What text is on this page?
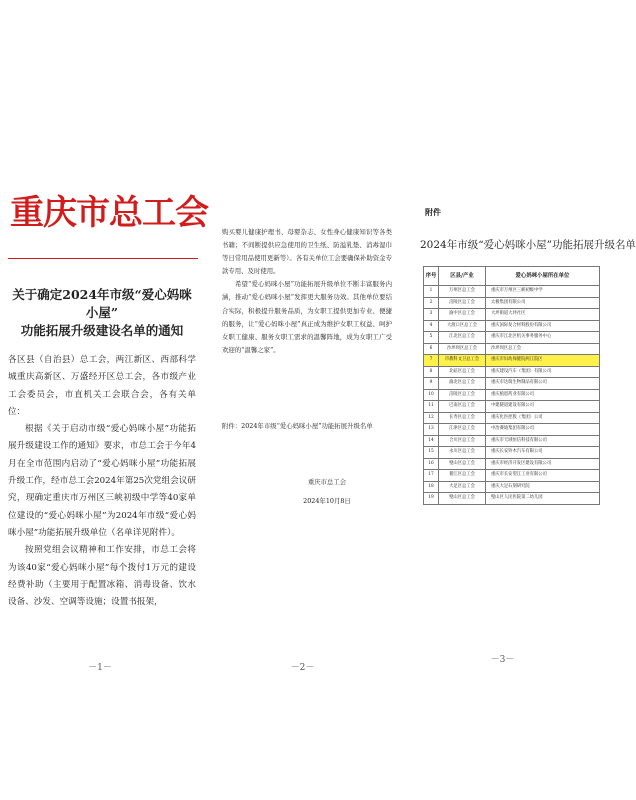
重庆市总工会
关于确定2024年市级“爱心妈咪小屋”
功能拓展升级建设名单的通知

各区县（自治县）总工会，两江新区、西部科学城重庆高新区、万盛经开区总工会，各市级产业工会委员会，市直机关工会联合会，各有关单位：

根据《关于启动市级“爱心妈咪小屋”功能拓展升级建设工作的通知》要求，市总工会于今年4月在全市范围内启动了“爱心妈咪小屋”功能拓展升级工作，经市总工会2024年第25次党组会议研究，现确定重庆市万州区三峡初级中学等40家单位建设的“爱心妈咪小屋”为2024年市级“爱心妈咪小屋”功能拓展升级单位（名单详见附件）。

按照党组会议精神和工作安排，市总工会将为该40家“爱心妈咪小屋”每个拨付1万元的建设经费补助（主要用于配置冰箱、消毒设备、饮水设备、沙发、空调等设施；设置书报架，

－1－

购买婴儿健康护理书、母婴杂志、女性身心健康知识等各类书籍；不间断提供应急使用的卫生纸、防溢乳垫、消毒湿巾等日常用品使用更新等）。各有关单位工会要确保补助资金专款专用、及时使用。

希望“爱心妈咪小屋”功能拓展升级单位不断丰富服务内涵，推动“爱心妈咪小屋”发挥更大服务功效。其他单位要结合实际，积极提升服务品质，为女职工提供更加专业、便捷的服务，让“爱心妈咪小屋”真正成为维护女职工权益、呵护女职工健康、服务女职工需求的温馨阵地，成为女职工广受欢迎的“温馨之家”。

附件：2024年市级“爱心妈咪小屋”功能拓展升级名单
重庆市总工会
2024年10月8日
－2－
附件
2024年市级“爱心妈咪小屋”功能拓展升级名单
序号	区县/产业	爱心妈咪小屋所在单位
1	万州区总工会	重庆市万州区三峡初级中学
2	涪陵区总工会	太极集团有限公司
3	渝中区总工会	大坪街道大坪社区
4	大渡口区总工会	重庆国际复合材料股份有限公司
5	江北区总工会	重庆市江北区机关事务服务中心
6	沙坪坝区总工会	沙坪坝区总工会
7	市教科文卫总工会	重庆市妇幼保健院两江院区
8	北碚区总工会	重庆建设汽车（集团）有限公司
9	渝北区总工会	重庆市达瑞生物制品有限公司
10	涪陵区总工会	重庆植恩药业有限公司
11	巴南区总工会	中建隧道建设有限公司
12	长寿区总工会	重庆化医控股（集团）公司
13	江津区总工会	中冶赛迪集团有限公司
14	合川区总工会	重庆市天域恒信科技有限公司
15	永川区总工会	重庆长安铃木汽车有限公司
16	璧山区总工会	重庆市经济开发区建设有限公司
17	綦江区总工会	重庆市长安望江工业有限公司
18	大足区总工会	重庆大足石刻研究院
19	璧山区总工会	璧山区人民医院第二幼儿园
－3－
